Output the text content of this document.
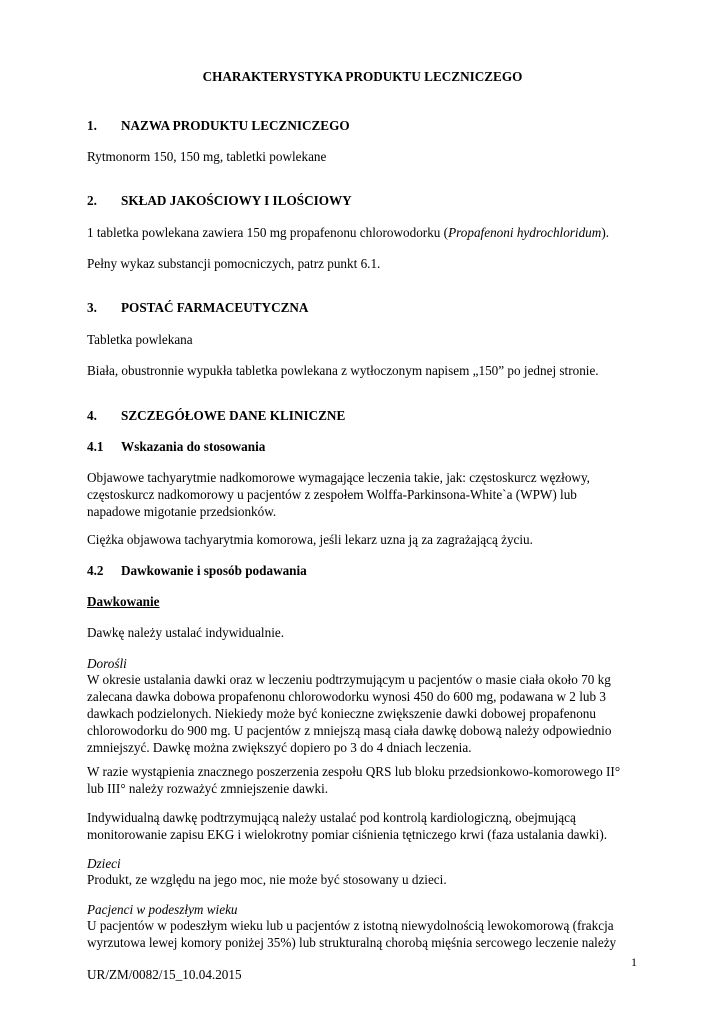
CHARAKTERYSTYKA PRODUKTU LECZNICZEGO
1. NAZWA PRODUKTU LECZNICZEGO
Rytmonorm 150, 150 mg, tabletki powlekane
2. SKŁAD JAKOŚCIOWY I ILOŚCIOWY
1 tabletka powlekana zawiera 150 mg propafenonu chlorowodorku (Propafenoni hydrochloridum).
Pełny wykaz substancji pomocniczych, patrz punkt 6.1.
3. POSTAĆ FARMACEUTYCZNA
Tabletka powlekana
Biała, obustronnie wypukła tabletka powlekana z wytłoczonym napisem „150” po jednej stronie.
4. SZCZEGÓŁOWE DANE KLINICZNE
4.1 Wskazania do stosowania
Objawowe tachyarytmie nadkomorowe wymagające leczenia takie, jak: częstoskurcz węzłowy, częstoskurcz nadkomorowy u pacjentów z zespołem Wolffa-Parkinsona-White`a (WPW) lub napadowe migotanie przedsionków.
Ciężka objawowa tachyarytmia komorowa, jeśli lekarz uzna ją za zagrażającą życiu.
4.2 Dawkowanie i sposób podawania
Dawkowanie
Dawkę należy ustalać indywidualnie.
Dorośli
W okresie ustalania dawki oraz w leczeniu podtrzymującym u pacjentów o masie ciała około 70 kg zalecana dawka dobowa propafenonu chlorowodorku wynosi 450 do 600 mg, podawana w 2 lub 3 dawkach podzielonych. Niekiedy może być konieczne zwiększenie dawki dobowej propafenonu chlorowodorku do 900 mg. U pacjentów z mniejszą masą ciała dawkę dobową należy odpowiednio zmniejszyć. Dawkę można zwiększyć dopiero po 3 do 4 dniach leczenia.
W razie wystąpienia znacznego poszerzenia zespołu QRS lub bloku przedsionkowo-komorowego II° lub III° należy rozważyć zmniejszenie dawki.
Indywidualną dawkę podtrzymującą należy ustalać pod kontrolą kardiologiczną, obejmującą monitorowanie zapisu EKG i wielokrotny pomiar ciśnienia tętniczego krwi (faza ustalania dawki).
Dzieci
Produkt, ze względu na jego moc, nie może być stosowany u dzieci.
Pacjenci w podeszłym wieku
U pacjentów w podeszłym wieku lub u pacjentów z istotną niewydolnością lewokomorową (frakcja wyrzutowa lewej komory poniżej 35%) lub strukturalną chorobą mięśnia sercowego leczenie należy
1
UR/ZM/0082/15_10.04.2015
